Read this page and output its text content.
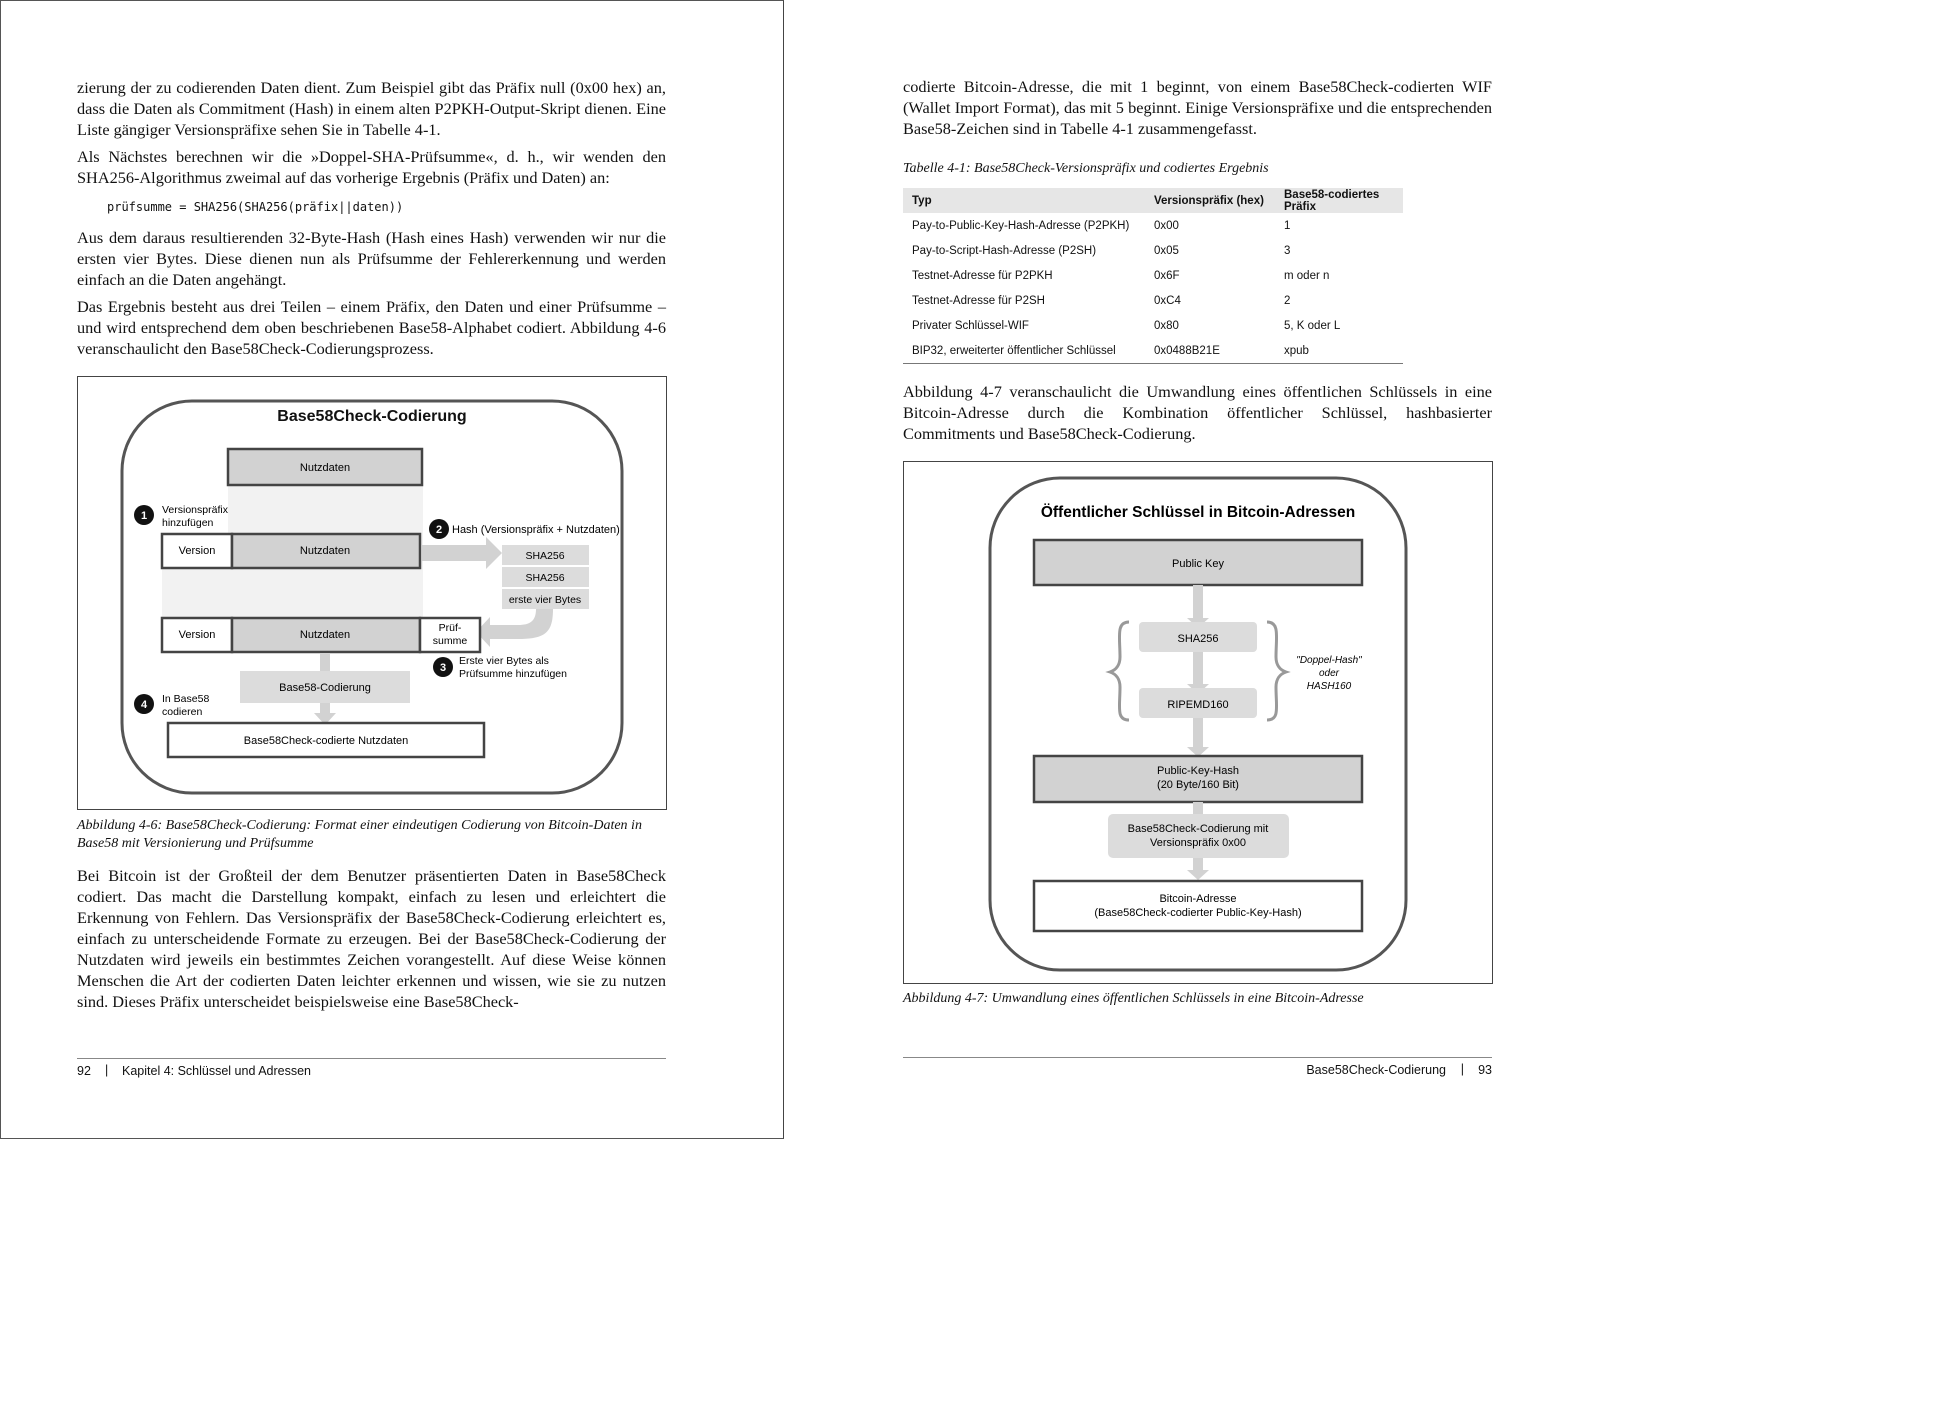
zierung der zu codierenden Daten dient. Zum Beispiel gibt das Präfix null (0x00 hex) an, dass die Daten als Commitment (Hash) in einem alten P2PKH-Output-Skript dienen. Eine Liste gängiger Versionspräfixe sehen Sie in Tabelle 4-1.
Als Nächstes berechnen wir die »Doppel-SHA-Prüfsumme«, d. h., wir wenden den SHA256-Algorithmus zweimal auf das vorherige Ergebnis (Präfix und Daten) an:
prüfsumme = SHA256(SHA256(präfix||daten))
Aus dem daraus resultierenden 32-Byte-Hash (Hash eines Hash) verwenden wir nur die ersten vier Bytes. Diese dienen nun als Prüfsumme der Fehlererkennung und werden einfach an die Daten angehängt.
Das Ergebnis besteht aus drei Teilen – einem Präfix, den Daten und einer Prüfsumme – und wird entsprechend dem oben beschriebenen Base58-Alphabet codiert. Abbildung 4-6 veranschaulicht den Base58Check-Codierungsprozess.
Base58Check-Codierung
Nutzdaten
1 Versionspräfix
hinzufügen
Version	Nutzdaten
2 Hash (Versionspräfix + Nutzdaten)
SHA256
SHA256
erste vier Bytes
Version	Nutzdaten
Prüf-
summe
3
Erste vier Bytes als
Prüfsumme hinzufügen
Base58-Codierung
4 In Base58
codieren
Base58Check-codierte Nutzdaten
Abbildung 4-6: Base58Check-Codierung: Format einer eindeutigen Codierung von Bitcoin-Daten in Base58 mit Versionierung und Prüfsumme
Bei Bitcoin ist der Großteil der dem Benutzer präsentierten Daten in Base58Check codiert. Das macht die Darstellung kompakt, einfach zu lesen und erleichtert die Erkennung von Fehlern. Das Versionspräfix der Base58Check-Codierung erleichtert es, einfach zu unterscheidende Formate zu erzeugen. Bei der Base58Check-Codierung der Nutzdaten wird jeweils ein bestimmtes Zeichen vorangestellt. Auf diese Weise können Menschen die Art der codierten Daten leichter erkennen und wissen, wie sie zu nutzen sind. Dieses Präfix unterscheidet beispielsweise eine Base58Check-
92 | Kapitel 4: Schlüssel und Adressen
codierte Bitcoin-Adresse, die mit 1 beginnt, von einem Base58Check-codierten WIF (Wallet Import Format), das mit 5 beginnt. Einige Versionspräfixe und die entsprechenden Base58-Zeichen sind in Tabelle 4-1 zusammengefasst.
Tabelle 4-1: Base58Check-Versionspräfix und codiertes Ergebnis
Typ	Versionspräfix (hex)	Base58-codiertes Präfix
Pay-to-Public-Key-Hash-Adresse (P2PKH)	0x00	1
Pay-to-Script-Hash-Adresse (P2SH)	0x05	3
Testnet-Adresse für P2PKH	0x6F	m oder n
Testnet-Adresse für P2SH	0xC4	2
Privater Schlüssel-WIF	0x80	5, K oder L
BIP32, erweiterter öffentlicher Schlüssel	0x0488B21E	xpub
Abbildung 4-7 veranschaulicht die Umwandlung eines öffentlichen Schlüssels in eine Bitcoin-Adresse durch die Kombination öffentlicher Schlüssel, hashbasierter Commitments und Base58Check-Codierung.
Öffentlicher Schlüssel in Bitcoin-Adressen
Public Key
SHA256
RIPEMD160
"Doppel-Hash"
oder
HASH160
Public-Key-Hash
(20 Byte/160 Bit)
Base58Check-Codierung mit
Versionspräfix 0x00
Bitcoin-Adresse
(Base58Check-codierter Public-Key-Hash)
Abbildung 4-7: Umwandlung eines öffentlichen Schlüssels in eine Bitcoin-Adresse
Base58Check-Codierung | 93
